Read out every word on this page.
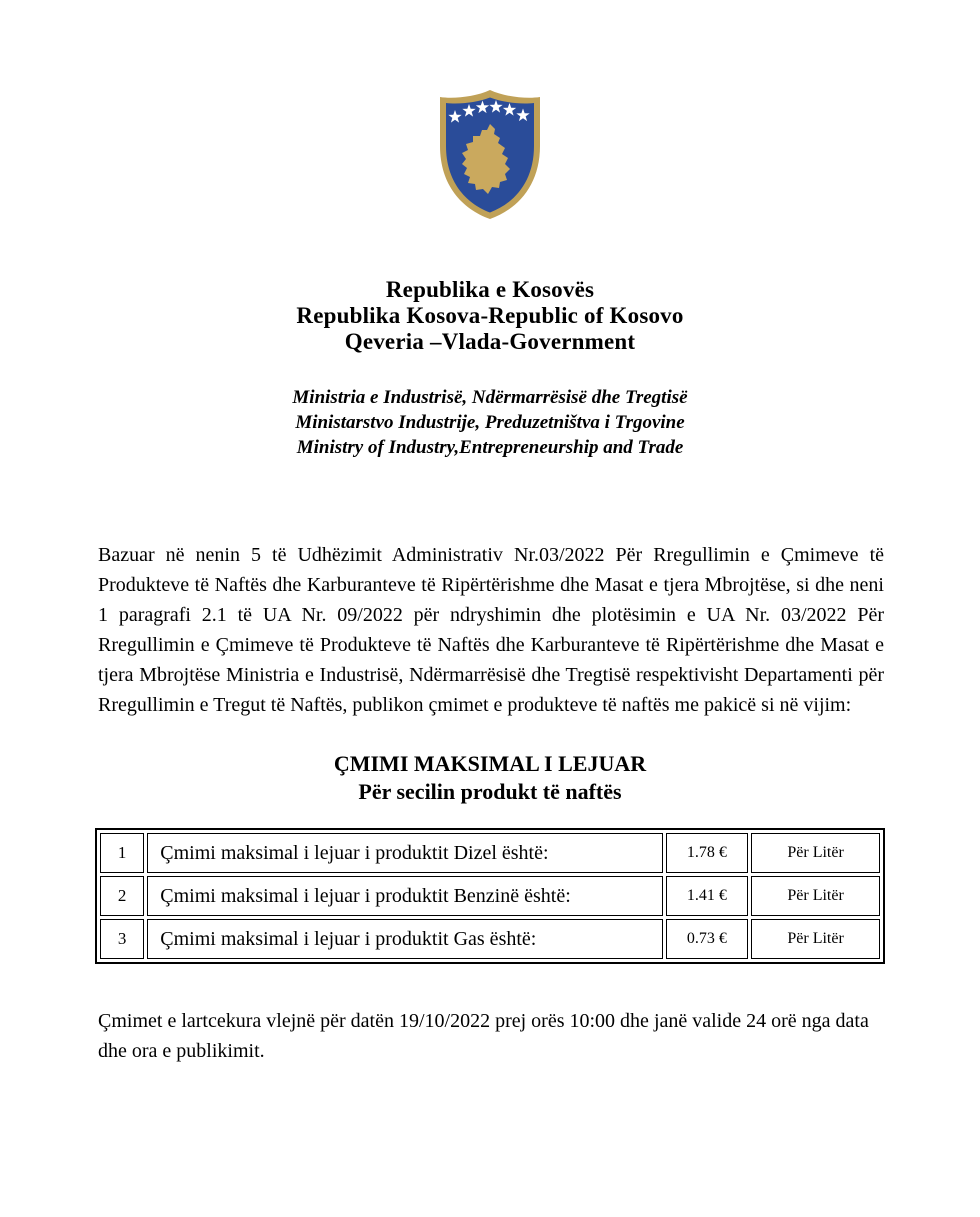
Republika e Kosovës
Republika Kosova-Republic of Kosovo
Qeveria –Vlada-Government
Ministria e Industrisë, Ndërmarrësisë dhe Tregtisë
Ministarstvo Industrije, Preduzetništva i Trgovine
Ministry of Industry,Entrepreneurship and Trade

Bazuar në nenin 5 të Udhëzimit Administrativ Nr.03/2022 Për Rregullimin e Çmimeve të Produkteve të Naftës dhe Karburanteve të Ripërtërishme dhe Masat e tjera Mbrojtëse, si dhe neni 1 paragrafi 2.1 të UA Nr. 09/2022 për ndryshimin dhe plotësimin e UA Nr. 03/2022 Për Rregullimin e Çmimeve të Produkteve të Naftës dhe Karburanteve të Ripërtërishme dhe Masat e tjera Mbrojtëse Ministria e Industrisë, Ndërmarrësisë dhe Tregtisë respektivisht Departamenti për Rregullimin e Tregut të Naftës, publikon çmimet e produkteve të naftës me pakicë si në vijim:

ÇMIMI MAKSIMAL I LEJUAR
Për secilin produkt të naftës
1	Çmimi maksimal i lejuar i produktit Dizel është:	1.78 €	Për Litër
2	Çmimi maksimal i lejuar i produktit Benzinë është:	1.41 €	Për Litër
3	Çmimi maksimal i lejuar i produktit Gas është:	0.73 €	Për Litër

Çmimet e lartcekura vlejnë për datën 19/10/2022 prej orës 10:00 dhe janë valide 24 orë nga data dhe ora e publikimit.
